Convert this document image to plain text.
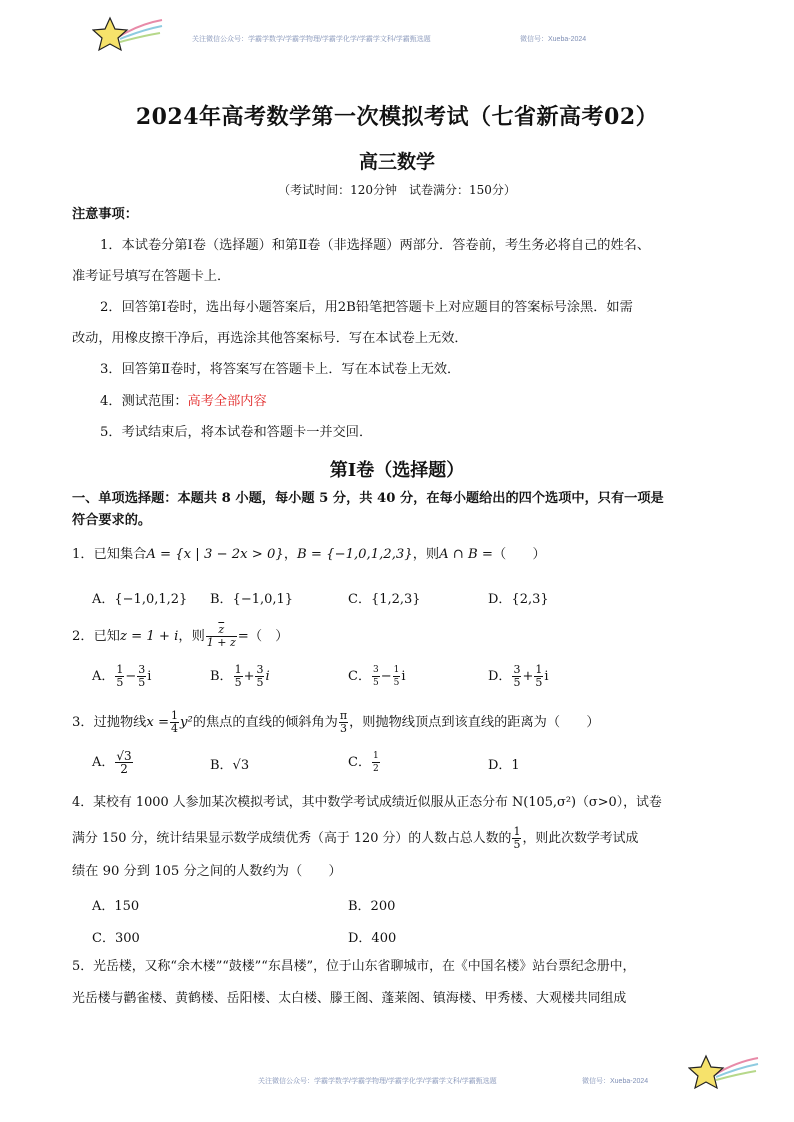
关注微信公众号：学霸学数学/学霸学物理/学霸学化学/学霸学文科/学霸甄选题	微信号：Xueba-2024
2024年高考数学第一次模拟考试（七省新高考02）
高三数学
（考试时间：120分钟　试卷满分：150分）
注意事项：
1．本试卷分第Ⅰ卷（选择题）和第Ⅱ卷（非选择题）两部分．答卷前，考生务必将自己的姓名、
准考证号填写在答题卡上．
2．回答第Ⅰ卷时，选出每小题答案后，用2B铅笔把答题卡上对应题目的答案标号涂黑．如需
改动，用橡皮擦干净后，再选涂其他答案标号．写在本试卷上无效．
3．回答第Ⅱ卷时，将答案写在答题卡上．写在本试卷上无效．
4．测试范围：高考全部内容
5．考试结束后，将本试卷和答题卡一并交回．
第Ⅰ卷（选择题）
一、单项选择题：本题共 8 小题，每小题 5 分，共 40 分，在每小题给出的四个选项中，只有一项是
符合要求的。
1．已知集合A = {x | 3 − 2x > 0}，B = {−1,0,1,2,3}，则A ∩ B =（　　）
A．{−1,0,1,2} B．{−1,0,1}	C．{1,2,3}	D．{2,3}
2．已知z = 1 + i，则 $\frac{\overline{z}}{1 + z}$ =（　）
A． $\frac{1}{5} - \frac{3}{5}$ i	B． $\frac{1}{5} + \frac{3}{5}$ i	C． $\frac{3}{5} - \frac{1}{5}$ i	D． $\frac{3}{5} + \frac{1}{5}$ i
3．过抛物线$x = \frac{1}{4} y^2$的焦点的直线的倾斜角为 $\frac{\pi}{3}$ ，则抛物线顶点到该直线的距离为（　　）
A． $\frac{√3}{2}$	B．√3	C． $\frac{1}{2}$	D．1
4．某校有 1000 人参加某次模拟考试，其中数学考试成绩近似服从正态分布 N(105,σ²)（σ>0），试卷
满分 150 分，统计结果显示数学成绩优秀（高于 120 分）的人数占总人数的 $\frac{1}{5}$ ，则此次数学考试成
绩在 90 分到 105 分之间的人数约为（　　）
A．150	B．200
C．300	D．400
5．光岳楼，又称“余木楼”“鼓楼”“东昌楼”，位于山东省聊城市，在《中国名楼》站台票纪念册中，
光岳楼与鹳雀楼、黄鹤楼、岳阳楼、太白楼、滕王阁、蓬莱阁、镇海楼、甲秀楼、大观楼共同组成
关注微信公众号：学霸学数学/学霸学物理/学霸学化学/学霸学文科/学霸甄选题	微信号：Xueba-2024
